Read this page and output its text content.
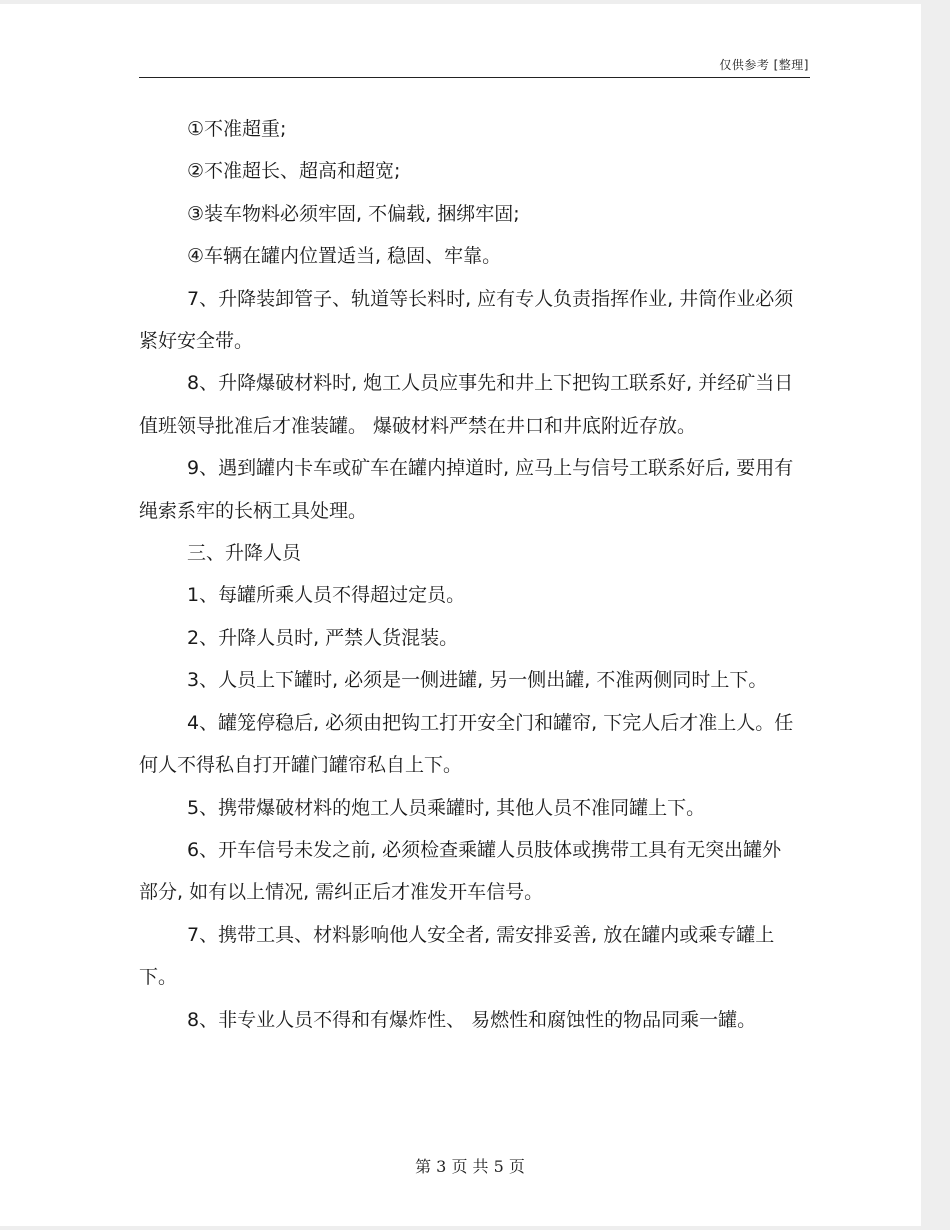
仅供参考 [整理]

①不准超重;

②不准超长、超高和超宽;

③装车物料必须牢固, 不偏载, 捆绑牢固;

④车辆在罐内位置适当, 稳固、牢靠。

7、升降装卸管子、轨道等长料时, 应有专人负责指挥作业, 井筒作业必须紧好安全带。

8、升降爆破材料时, 炮工人员应事先和井上下把钩工联系好, 并经矿当日值班领导批准后才准装罐。 爆破材料严禁在井口和井底附近存放。

9、遇到罐内卡车或矿车在罐内掉道时, 应马上与信号工联系好后, 要用有绳索系牢的长柄工具处理。

三、升降人员

1、每罐所乘人员不得超过定员。

2、升降人员时, 严禁人货混装。

3、人员上下罐时, 必须是一侧进罐, 另一侧出罐, 不准两侧同时上下。

4、罐笼停稳后, 必须由把钩工打开安全门和罐帘, 下完人后才准上人。任何人不得私自打开罐门罐帘私自上下。

5、携带爆破材料的炮工人员乘罐时, 其他人员不准同罐上下。

6、开车信号未发之前, 必须检查乘罐人员肢体或携带工具有无突出罐外部分, 如有以上情况, 需纠正后才准发开车信号。

7、携带工具、材料影响他人安全者, 需安排妥善, 放在罐内或乘专罐上下。

8、非专业人员不得和有爆炸性、 易燃性和腐蚀性的物品同乘一罐。

第 3 页 共 5 页
